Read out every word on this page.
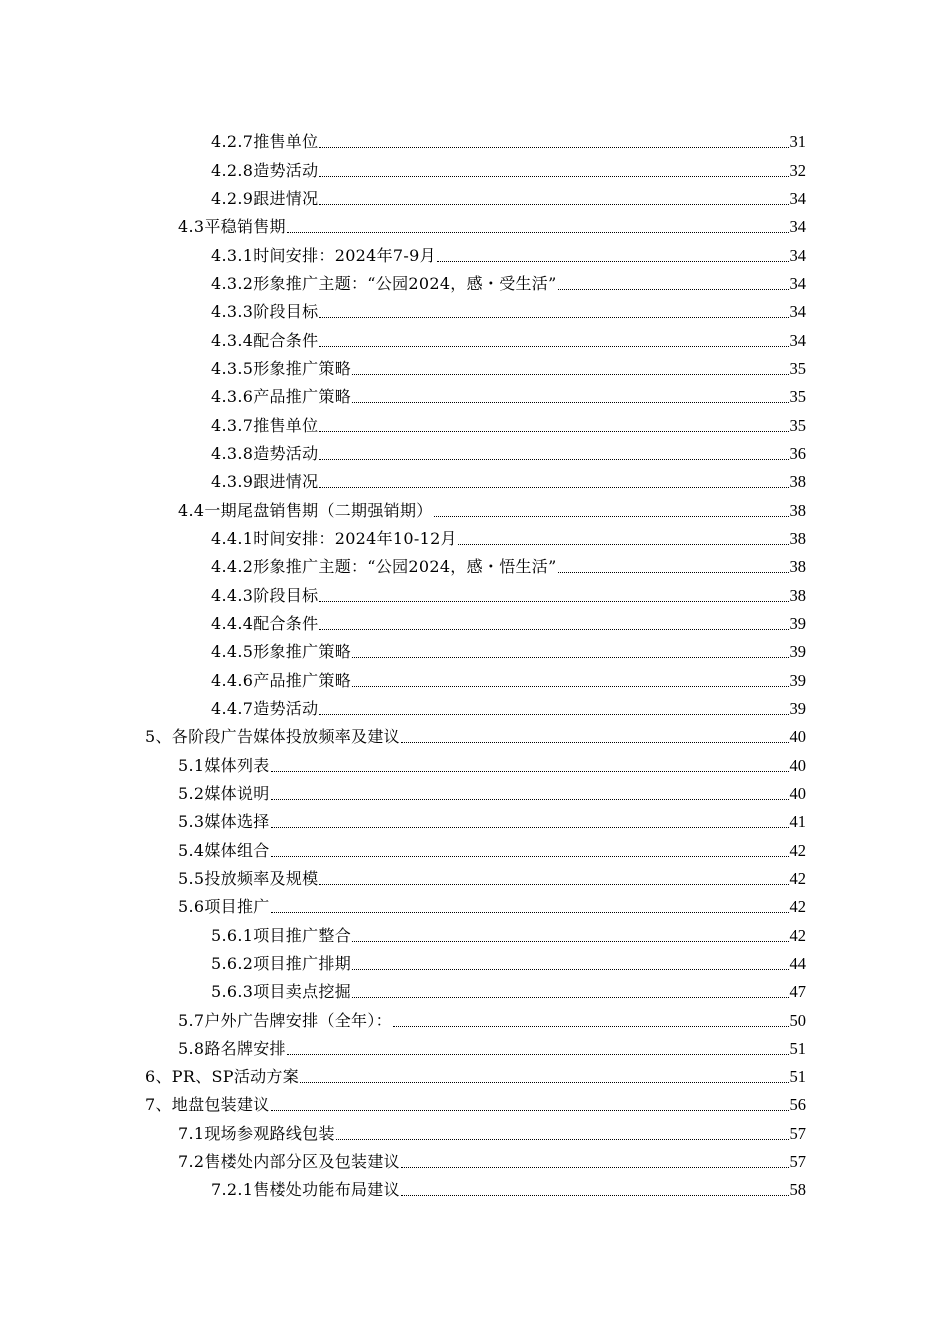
4.2.7推售单位	31
4.2.8造势活动	32
4.2.9跟进情况	34
4.3平稳销售期	34
4.3.1时间安排：2024年7-9月	34
4.3.2形象推广主题：“公园2024，感・受生活”	34
4.3.3阶段目标	34
4.3.4配合条件	34
4.3.5形象推广策略	35
4.3.6产品推广策略	35
4.3.7推售单位	35
4.3.8造势活动	36
4.3.9跟进情况	38
4.4一期尾盘销售期（二期强销期）	38
4.4.1时间安排：2024年10-12月	38
4.4.2形象推广主题：“公园2024，感・悟生活”	38
4.4.3阶段目标	38
4.4.4配合条件	39
4.4.5形象推广策略	39
4.4.6产品推广策略	39
4.4.7造势活动	39
5、各阶段广告媒体投放频率及建议	40
5.1媒体列表	40
5.2媒体说明	40
5.3媒体选择	41
5.4媒体组合	42
5.5投放频率及规模	42
5.6项目推广	42
5.6.1项目推广整合	42
5.6.2项目推广排期	44
5.6.3项目卖点挖掘	47
5.7户外广告牌安排（全年）：	50
5.8路名牌安排	51
6、PR、SP活动方案	51
7、地盘包装建议	56
7.1现场参观路线包装	57
7.2售楼处内部分区及包装建议	57
7.2.1售楼处功能布局建议	58
